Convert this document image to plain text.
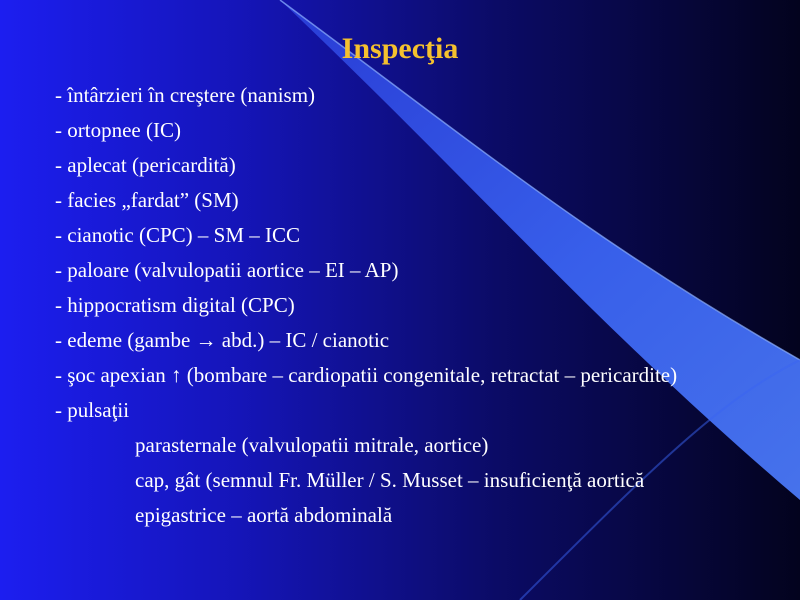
Inspecţia
- întârzieri în creştere (nanism)
- ortopnee (IC)
- aplecat (pericardită)
- facies „fardat” (SM)
- cianotic (CPC) – SM – ICC
- paloare (valvulopatii aortice – EI – AP)
- hippocratism digital (CPC)
- edeme (gambe → abd.) – IC / cianotic
- şoc apexian ↑ (bombare – cardiopatii congenitale, retractat – pericardite)
- pulsaţii
parasternale (valvulopatii mitrale, aortice)
cap, gât (semnul Fr. Müller / S. Musset – insuficienţă aortică
epigastrice – aortă abdominală
